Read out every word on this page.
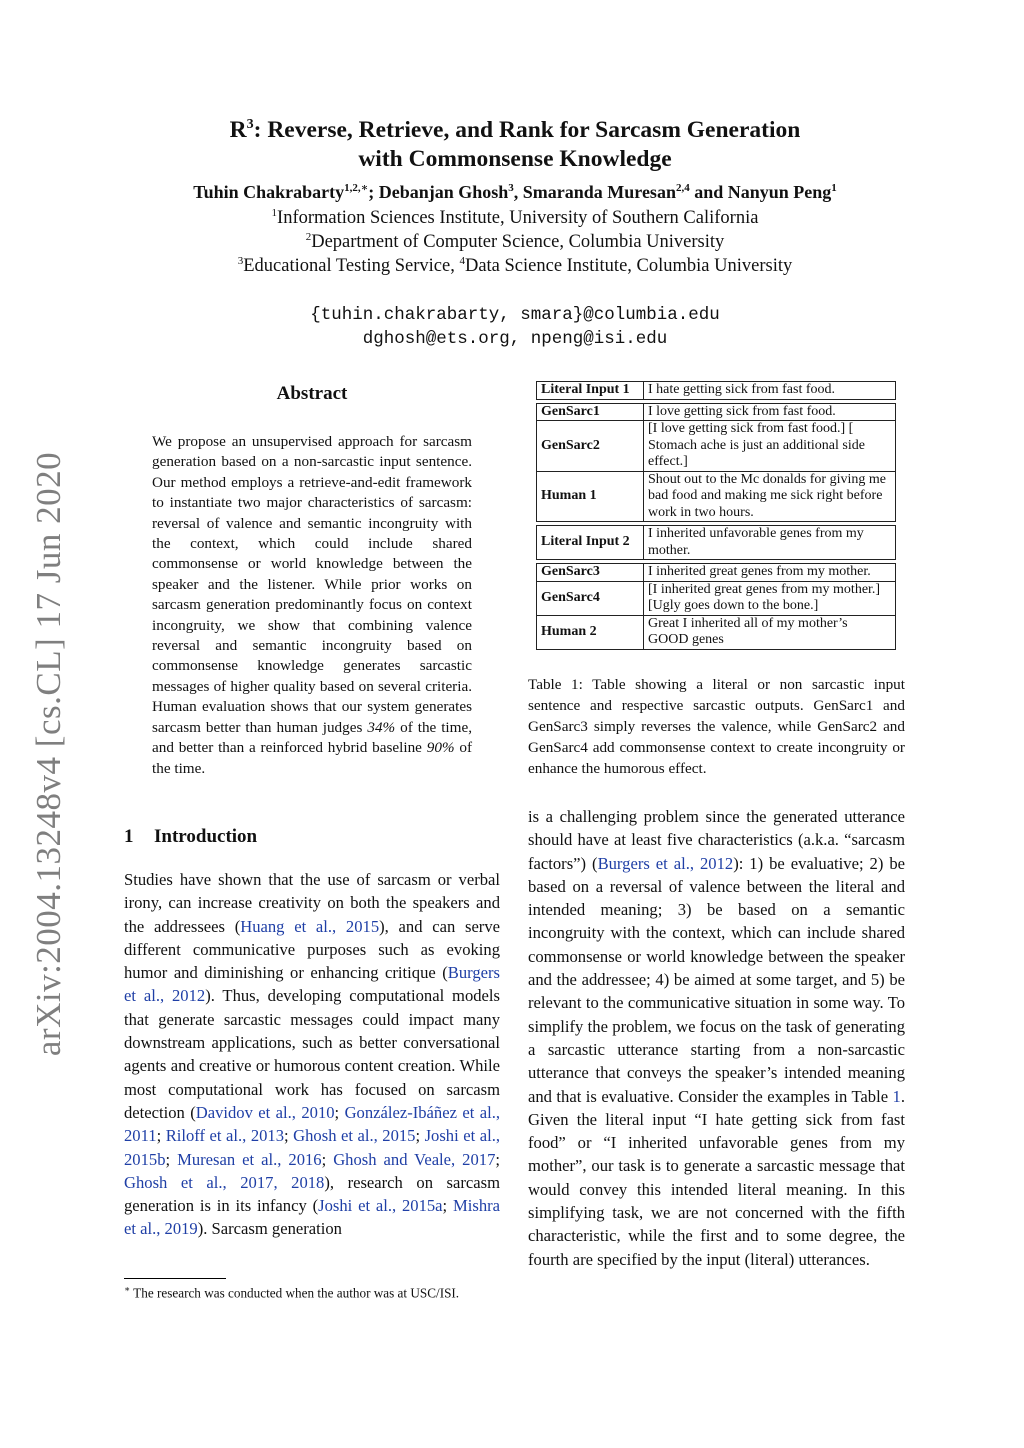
arXiv:2004.13248v4 [cs.CL] 17 Jun 2020
$R^3$: Reverse, Retrieve, and Rank for Sarcasm Generation
with Commonsense Knowledge
Tuhin Chakrabarty$^{1,2,∗}$; Debanjan Ghosh$^3$, Smaranda Muresan$^{2,4}$ and Nanyun Peng$^1$
$^1$Information Sciences Institute, University of Southern California
$^2$Department of Computer Science, Columbia University
$^3$Educational Testing Service, $^4$Data Science Institute, Columbia University
{tuhin.chakrabarty, smara}@columbia.edu
dghosh@ets.org, npeng@isi.edu
Abstract
We propose an unsupervised approach for sarcasm generation based on a non-sarcastic input sentence. Our method employs a retrieve-and-edit framework to instantiate two major characteristics of sarcasm: reversal of valence and semantic incongruity with the context, which could include shared commonsense or world knowledge between the speaker and the listener. While prior works on sarcasm generation predominantly focus on context incongruity, we show that combining valence reversal and semantic incongruity based on commonsense knowledge generates sarcastic messages of higher quality based on several criteria. Human evaluation shows that our system generates sarcasm better than human judges 34% of the time, and better than a reinforced hybrid baseline 90% of the time.
1 Introduction
Studies have shown that the use of sarcasm or verbal irony, can increase creativity on both the speakers and the addressees (Huang et al., 2015), and can serve different communicative purposes such as evoking humor and diminishing or enhancing critique (Burgers et al., 2012). Thus, developing computational models that generate sarcastic messages could impact many downstream applications, such as better conversational agents and creative or humorous content creation. While most computational work has focused on sarcasm detection (Davidov et al., 2010; González-Ibáñez et al., 2011; Riloff et al., 2013; Ghosh et al., 2015; Joshi et al., 2015b; Muresan et al., 2016; Ghosh and Veale, 2017; Ghosh et al., 2017, 2018), research on sarcasm generation is in its infancy (Joshi et al., 2015a; Mishra et al., 2019). Sarcasm generation
is a challenging problem since the generated utterance should have at least five characteristics (a.k.a. “sarcasm factors”) (Burgers et al., 2012): 1) be evaluative; 2) be based on a reversal of valence between the literal and intended meaning; 3) be based on a semantic incongruity with the context, which can include shared commonsense or world knowledge between the speaker and the addressee; 4) be aimed at some target, and 5) be relevant to the communicative situation in some way. To simplify the problem, we focus on the task of generating a sarcastic utterance starting from a non-sarcastic utterance that conveys the speaker’s intended meaning and that is evaluative. Consider the examples in Table 1. Given the literal input “I hate getting sick from fast food” or “I inherited unfavorable genes from my mother”, our task is to generate a sarcastic message that would convey this intended literal meaning. In this simplifying task, we are not concerned with the fifth characteristic, while the first and to some degree, the fourth are specified by the input (literal) utterances.
∗ The research was conducted when the author was at USC/ISI.
Literal Input 1	I hate getting sick from fast food.

GenSarc1	I love getting sick from fast food.
GenSarc2	[I love getting sick from fast food.] [ Stomach ache is just an additional side effect.]
Human 1	Shout out to the Mc donalds for giving me bad food and making me sick right before work in two hours.

Literal Input 2	I inherited unfavorable genes from my mother.

GenSarc3	I inherited great genes from my mother.
GenSarc4	[I inherited great genes from my mother.] [Ugly goes down to the bone.]
Human 2	Great I inherited all of my mother’s GOOD genes
Table 1: Table showing a literal or non sarcastic input sentence and respective sarcastic outputs. GenSarc1 and GenSarc3 simply reverses the valence, while GenSarc2 and GenSarc4 add commonsense context to create incongruity or enhance the humorous effect.
